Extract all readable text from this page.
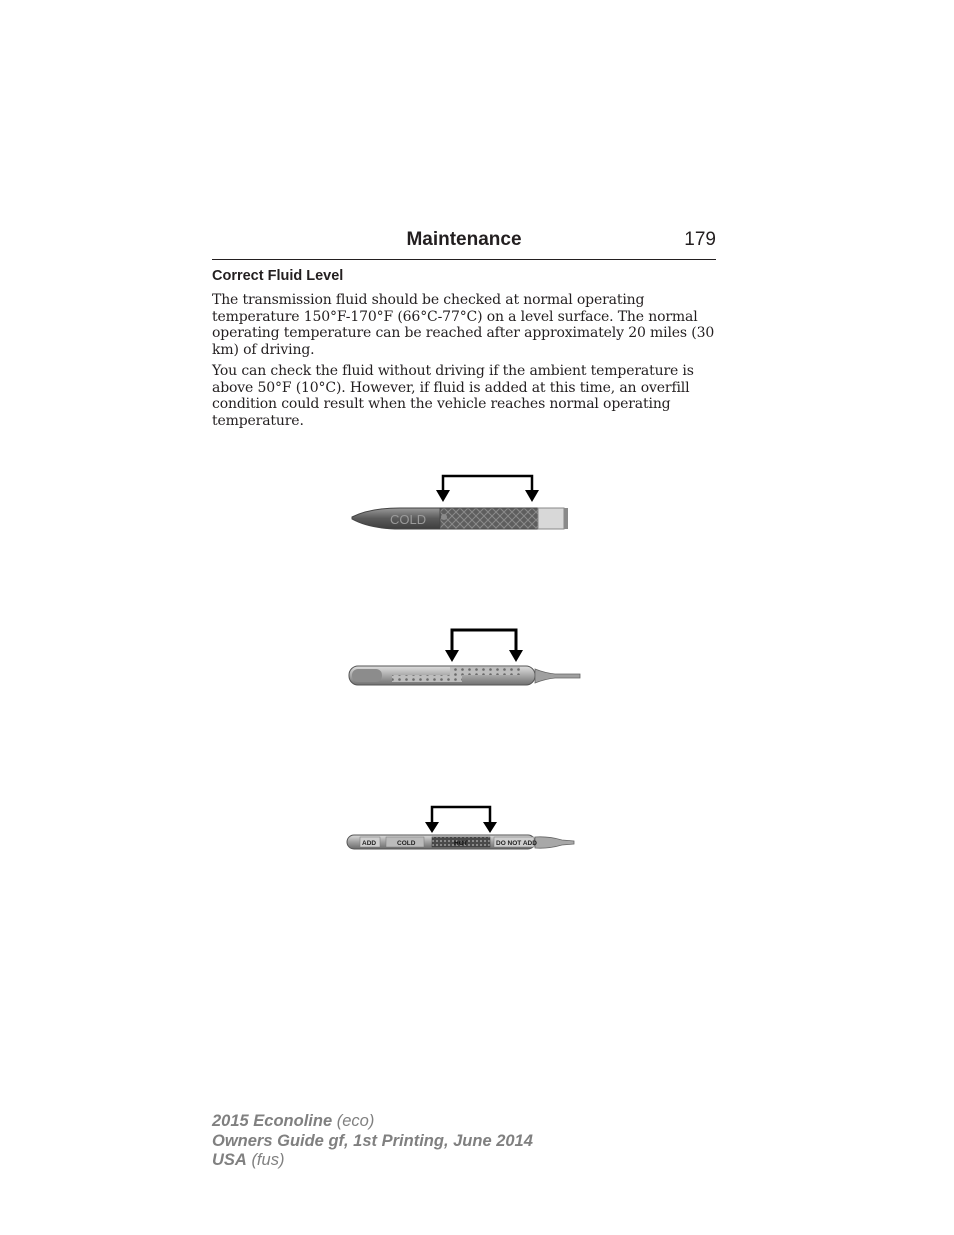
Maintenance	179
Correct Fluid Level

The transmission fluid should be checked at normal operating temperature 150°F-170°F (66°C-77°C) on a level surface. The normal operating temperature can be reached after approximately 20 miles (30 km) of driving.

You can check the fluid without driving if the ambient temperature is above 50°F (10°C). However, if fluid is added at this time, an overfill condition could result when the vehicle reaches normal operating temperature.

COLD
ADD	COLD	HOT	DO NOT ADD
2015 Econoline (eco)
Owners Guide gf, 1st Printing, June 2014
USA (fus)
